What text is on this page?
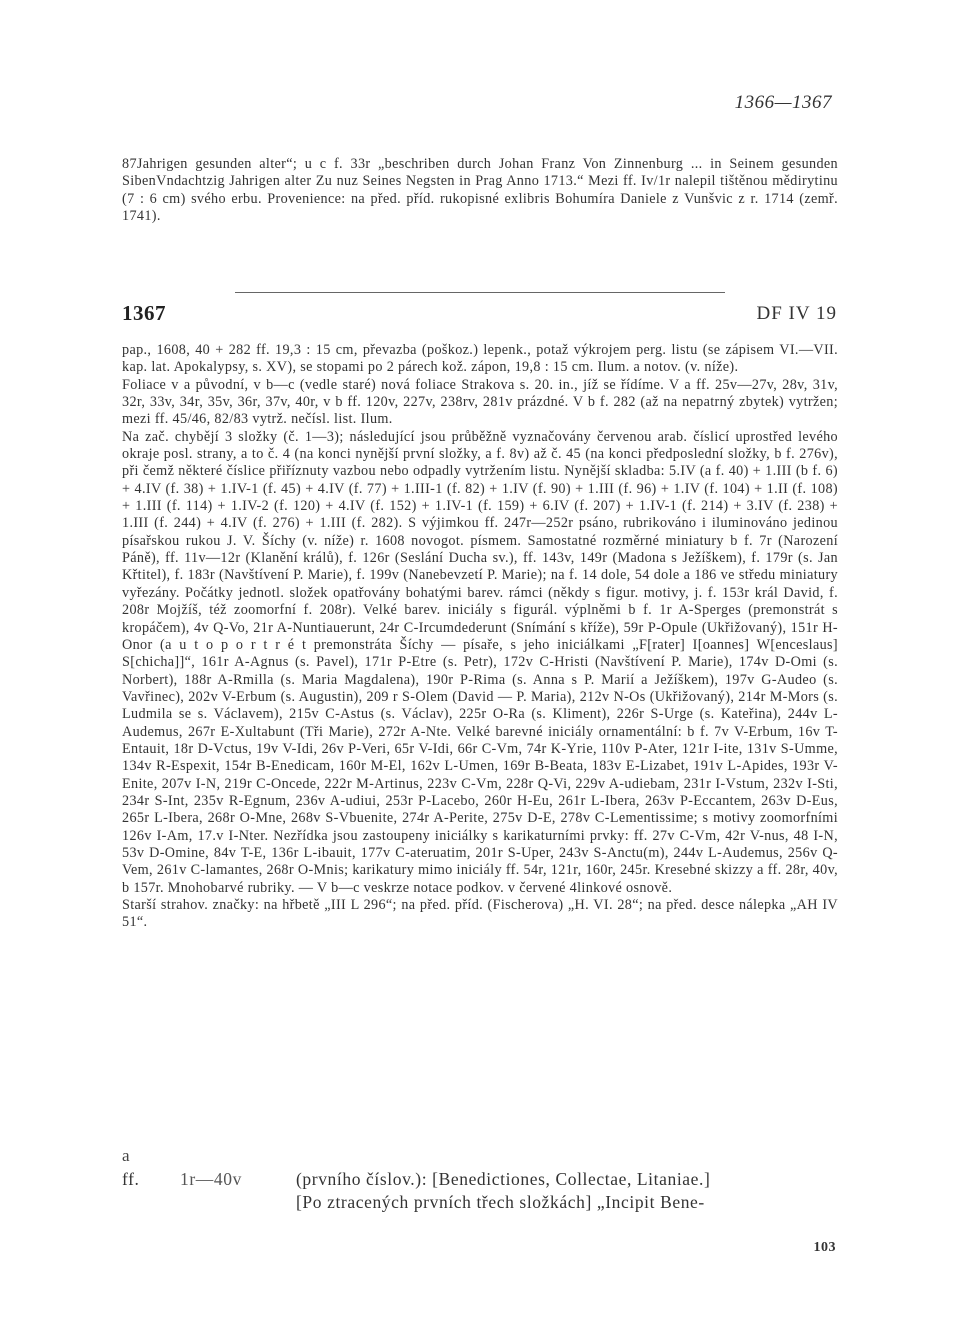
1366—1367

87Jahrigen gesunden alter“; u c f. 33r „beschriben durch Johan Franz Von Zinnenburg ... in Seinem gesunden SibenVndachtzig Jahrigen alter Zu nuz Seines Negsten in Prag Anno 1713.“ Mezi ff. Iv/1r nalepil tištěnou mědirytinu (7 : 6 cm) svého erbu. Provenience: na před. příd. rukopisné exlibris Bohumíra Daniele z Vunšvic z r. 1714 (zemř. 1741).

1367	DF IV 19

pap., 1608, 40 + 282 ff. 19,3 : 15 cm, převazba (poškoz.) lepenk., potaž výkrojem perg. listu (se zápisem VI.—VII. kap. lat. Apokalypsy, s. XV), se stopami po 2 párech kož. zápon, 19,8 : 15 cm. Ilum. a notov. (v. níže).

Foliace v a původní, v b—c (vedle staré) nová foliace Strakova s. 20. in., jíž se řídíme. V a ff. 25v—27v, 28v, 31v, 32r, 33v, 34r, 35v, 36r, 37v, 40r, v b ff. 120v, 227v, 238rv, 281v prázdné. V b f. 282 (až na nepatrný zbytek) vytržen; mezi ff. 45/46, 82/83 vytrž. nečísl. list. Ilum.

Na zač. chybějí 3 složky (č. 1—3); následující jsou průběžně vyznačovány červenou arab. číslicí uprostřed levého okraje posl. strany, a to č. 4 (na konci nynější první složky, a f. 8v) až č. 45 (na konci předposlední složky, b f. 276v), při čemž některé číslice přiříznuty vazbou nebo odpadly vytržením listu. Nynější skladba: 5.IV (a f. 40) + 1.III (b f. 6) + 4.IV (f. 38) + 1.IV-1 (f. 45) + 4.IV (f. 77) + 1.III-1 (f. 82) + 1.IV (f. 90) + 1.III (f. 96) + 1.IV (f. 104) + 1.II (f. 108) + 1.III (f. 114) + 1.IV-2 (f. 120) + 4.IV (f. 152) + 1.IV-1 (f. 159) + 6.IV (f. 207) + 1.IV-1 (f. 214) + 3.IV (f. 238) + 1.III (f. 244) + 4.IV (f. 276) + 1.III (f. 282). S výjimkou ff. 247r—252r psáno, rubrikováno i iluminováno jedinou písařskou rukou J. V. Šíchy (v. níže) r. 1608 novogot. písmem. Samostatné rozměrné miniatury b f. 7r (Narození Páně), ff. 11v—12r (Klanění králů), f. 126r (Seslání Ducha sv.), ff. 143v, 149r (Madona s Ježíškem), f. 179r (s. Jan Křtitel), f. 183r (Navštívení P. Marie), f. 199v (Nanebevzetí P. Marie); na f. 14 dole, 54 dole a 186 ve středu miniatury vyřezány. Počátky jednotl. složek opatřovány bohatými barev. rámci (někdy s figur. motivy, j. f. 153r král David, f. 208r Mojžíš, též zoomorfní f. 208r). Velké barev. iniciály s figurál. výplněmi b f. 1r A-Sperges (premonstrát s kropáčem), 4v Q-Vo, 21r A-Nuntiauerunt, 24r C-Ircumdederunt (Snímání s kříže), 59r P-Opule (Ukřižovaný), 151r H-Onor (a u t o p o r t r é t premonstráta Šíchy — písaře, s jeho iniciálkami „F[rater] I[oannes] W[enceslaus] S[chicha]]“, 161r A-Agnus (s. Pavel), 171r P-Etre (s. Petr), 172v C-Hristi (Navštívení P. Marie), 174v D-Omi (s. Norbert), 188r A-Rmilla (s. Maria Magdalena), 190r P-Rima (s. Anna s P. Marií a Ježíškem), 197v G-Audeo (s. Vavřinec), 202v V-Erbum (s. Augustin), 209 r S-Olem (David — P. Maria), 212v N-Os (Ukřižovaný), 214r M-Mors (s. Ludmila se s. Václavem), 215v C-Astus (s. Václav), 225r O-Ra (s. Kliment), 226r S-Urge (s. Kateřina), 244v L-Audemus, 267r E-Xultabunt (Tři Marie), 272r A-Nte. Velké barevné iniciály ornamentální: b f. 7v V-Erbum, 16v T-Entauit, 18r D-Vctus, 19v V-Idi, 26v P-Veri, 65r V-Idi, 66r C-Vm, 74r K-Yrie, 110v P-Ater, 121r I-ite, 131v S-Umme, 134v R-Espexit, 154r B-Enedicam, 160r M-El, 162v L-Umen, 169r B-Beata, 183v E-Lizabet, 191v L-Apides, 193r V-Enite, 207v I-N, 219r C-Oncede, 222r M-Artinus, 223v C-Vm, 228r Q-Vi, 229v A-udiebam, 231r I-Vstum, 232v I-Sti, 234r S-Int, 235v R-Egnum, 236v A-udiui, 253r P-Lacebo, 260r H-Eu, 261r L-Ibera, 263v P-Eccantem, 263v D-Eus, 265r L-Ibera, 268r O-Mne, 268v S-Vbuenite, 274r A-Perite, 275v D-E, 278v C-Lementissime; s motivy zoomorfními 126v I-Am, 17.v I-Nter. Nezřídka jsou zastoupeny iniciálky s karikaturními prvky: ff. 27v C-Vm, 42r V-nus, 48 I-N, 53v D-Omine, 84v T-E, 136r L-ibauit, 177v C-ateruatim, 201r S-Uper, 243v S-Anctu(m), 244v L-Audemus, 256v Q-Vem, 261v C-lamantes, 268r O-Mnis; karikatury mimo iniciály ff. 54r, 121r, 160r, 245r. Kresebné skizzy a ff. 28r, 40v, b 157r. Mnohobarvé rubriky. — V b—c veskrze notace podkov. v červené 4linkové osnově.

Starší strahov. značky: na hřbetě „III L 296“; na před. příd. (Fischerova) „H. VI. 28“; na před. desce nálepka „AH IV 51“.

a
ff. 1r—40v	(prvního číslov.): [Benedictiones, Collectae, Litaniae.]
[Po ztracených prvních třech složkách] „Incipit Bene-
103
